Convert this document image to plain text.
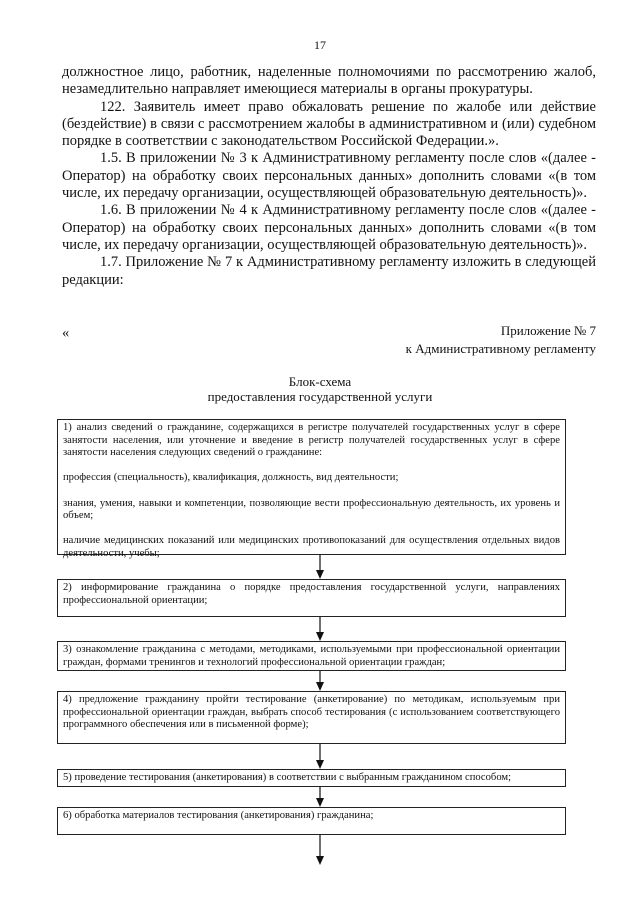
17

должностное лицо, работник, наделенные полномочиями по рассмотрению жалоб, незамедлительно направляет имеющиеся материалы в органы прокуратуры.

122. Заявитель имеет право обжаловать решение по жалобе или действие (бездействие) в связи с рассмотрением жалобы в административном и (или) судебном порядке в соответствии с законодательством Российской Федерации.».

1.5. В приложении № 3 к Административному регламенту после слов «(далее - Оператор) на обработку своих персональных данных» дополнить словами «(в том числе, их передачу организации, осуществляющей образовательную деятельность)».

1.6. В приложении № 4 к Административному регламенту после слов «(далее - Оператор) на обработку своих персональных данных» дополнить словами «(в том числе, их передачу организации, осуществляющей образовательную деятельность)».

1.7. Приложение № 7 к Административному регламенту изложить в следующей редакции:

«	Приложение № 7
к Административному регламенту
Блок-схема
предоставления государственной услуги

1) анализ сведений о гражданине, содержащихся в регистре получателей государственных услуг в сфере занятости населения, или уточнение и введение в регистр получателей государственных услуг в сфере занятости населения следующих сведений о гражданине:

профессия (специальность), квалификация, должность, вид деятельности;

знания, умения, навыки и компетенции, позволяющие вести профессиональную деятельность, их уровень и объем;

наличие медицинских показаний или медицинских противопоказаний для осуществления отдельных видов деятельности, учебы;

2) информирование гражданина о порядке предоставления государственной услуги, направлениях профессиональной ориентации;

3) ознакомление гражданина с методами, методиками, используемыми при профессиональной ориентации граждан, формами тренингов и технологий профессиональной ориентации граждан;

4) предложение гражданину пройти тестирование (анкетирование) по методикам, используемым при профессиональной ориентации граждан, выбрать способ тестирования (с использованием соответствующего программного обеспечения или в письменной форме);

5) проведение тестирования (анкетирования) в соответствии с выбранным гражданином способом;

6) обработка материалов тестирования (анкетирования) гражданина;
